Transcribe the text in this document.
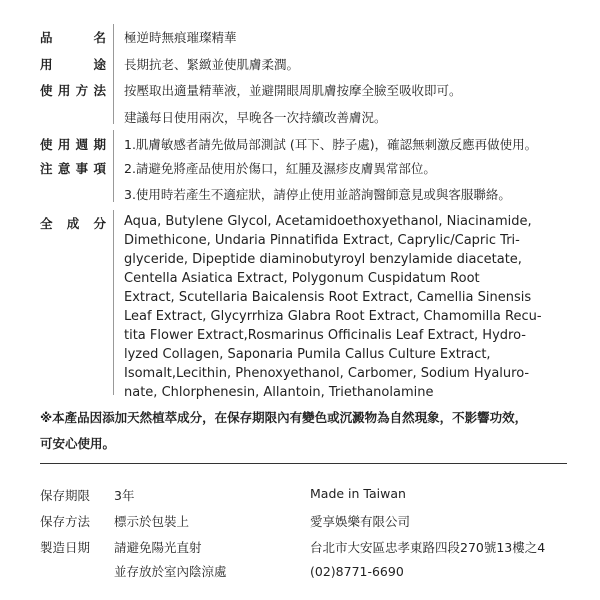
品名 極逆時無痕璀璨精華
用途 長期抗老、緊緻並使肌膚柔潤。
使用方法 按壓取出適量精華液，並避開眼周肌膚按摩全臉至吸收即可。
建議每日使用兩次，早晚各一次持續改善膚況。
使用週期
注意事項
1.肌膚敏感者請先做局部測試 (耳下、脖子處)，確認無刺激反應再做使用。
2.請避免將產品使用於傷口，紅腫及濕疹皮膚異常部位。
3.使用時若產生不適症狀，請停止使用並諮詢醫師意見或與客服聯絡。
全成分 Aqua, Butylene Glycol, Acetamidoethoxyethanol, Niacinamide,
Dimethicone, Undaria Pinnatifida Extract, Caprylic/Capric Tri-
glyceride, Dipeptide diaminobutyroyl benzylamide diacetate,
Centella Asiatica Extract, Polygonum Cuspidatum Root
Extract, Scutellaria Baicalensis Root Extract, Camellia Sinensis
Leaf Extract, Glycyrrhiza Glabra Root Extract, Chamomilla Recu-
tita Flower Extract,Rosmarinus Officinalis Leaf Extract, Hydro-
lyzed Collagen, Saponaria Pumila Callus Culture Extract,
Isomalt,Lecithin, Phenoxyethanol, Carbomer, Sodium Hyaluro-
nate, Chlorphenesin, Allantoin, Triethanolamine
※本產品因添加天然植萃成分，在保存期限內有變色或沉澱物為自然現象，不影響功效，
可安心使用。
保存期限 3年
保存方法 標示於包裝上
製造日期 請避免陽光直射
並存放於室內陰涼處
Made in Taiwan
愛享娛樂有限公司
台北市大安區忠孝東路四段270號13樓之4
(02)8771-6690
